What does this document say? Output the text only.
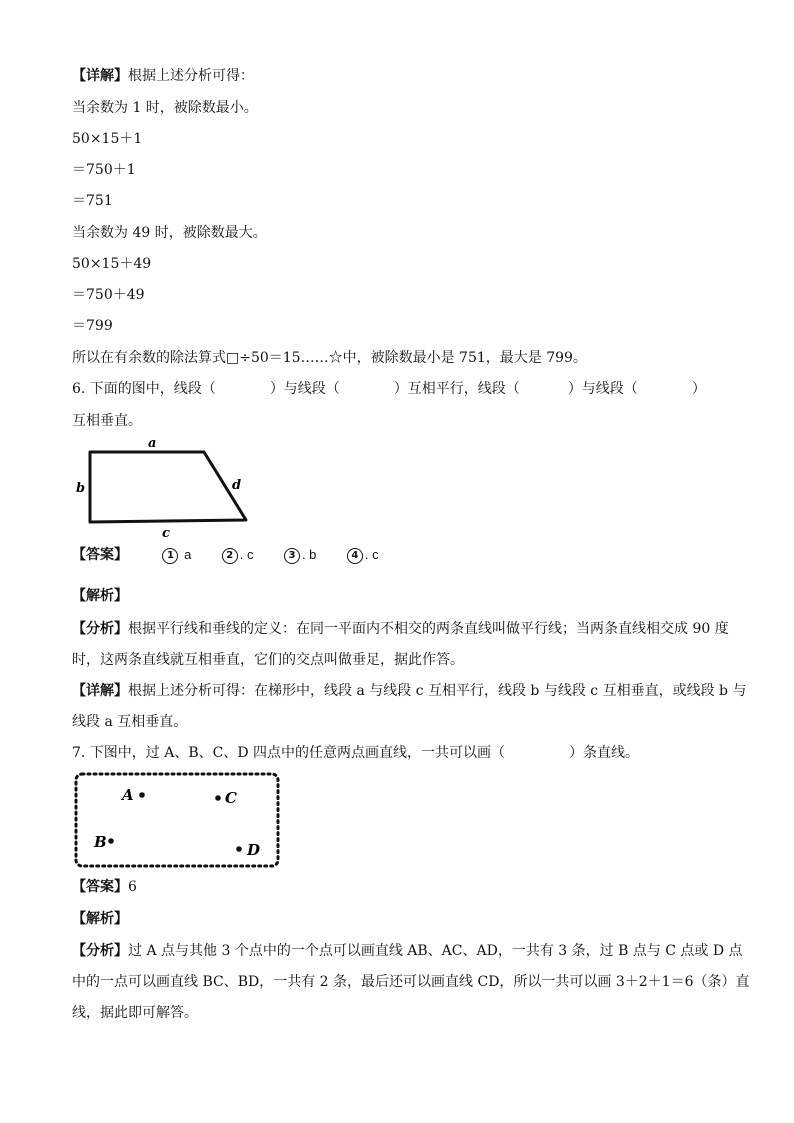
【详解】根据上述分析可得：
当余数为 1 时，被除数最小。
50×15＋1
＝750＋1
＝751
当余数为 49 时，被除数最大。
50×15＋49
＝750＋49
＝799
所以在有余数的除法算式□÷50＝15……☆中，被除数最小是 751，最大是 799。
6. 下面的图中，线段（	）与线段（	）互相平行，线段（	）与线段（	）
互相垂直。
a
b
c
d
【答案】	1 a	2 . c	3 . b	4 . c
【解析】
【分析】根据平行线和垂线的定义：在同一平面内不相交的两条直线叫做平行线；当两条直线相交成 90 度
时，这两条直线就互相垂直，它们的交点叫做垂足，据此作答。
【详解】根据上述分析可得：在梯形中，线段 a 与线段 c 互相平行，线段 b 与线段 c 互相垂直，或线段 b 与
线段 a 互相垂直。
7. 下图中，过 A、B、C、D 四点中的任意两点画直线，一共可以画（	）条直线。
A	C
B	D
【答案】6
【解析】
【分析】过 A 点与其他 3 个点中的一个点可以画直线 AB、AC、AD，一共有 3 条，过 B 点与 C 点或 D 点
中的一点可以画直线 BC、BD，一共有 2 条，最后还可以画直线 CD，所以一共可以画 3＋2＋1＝6（条）直
线，据此即可解答。
